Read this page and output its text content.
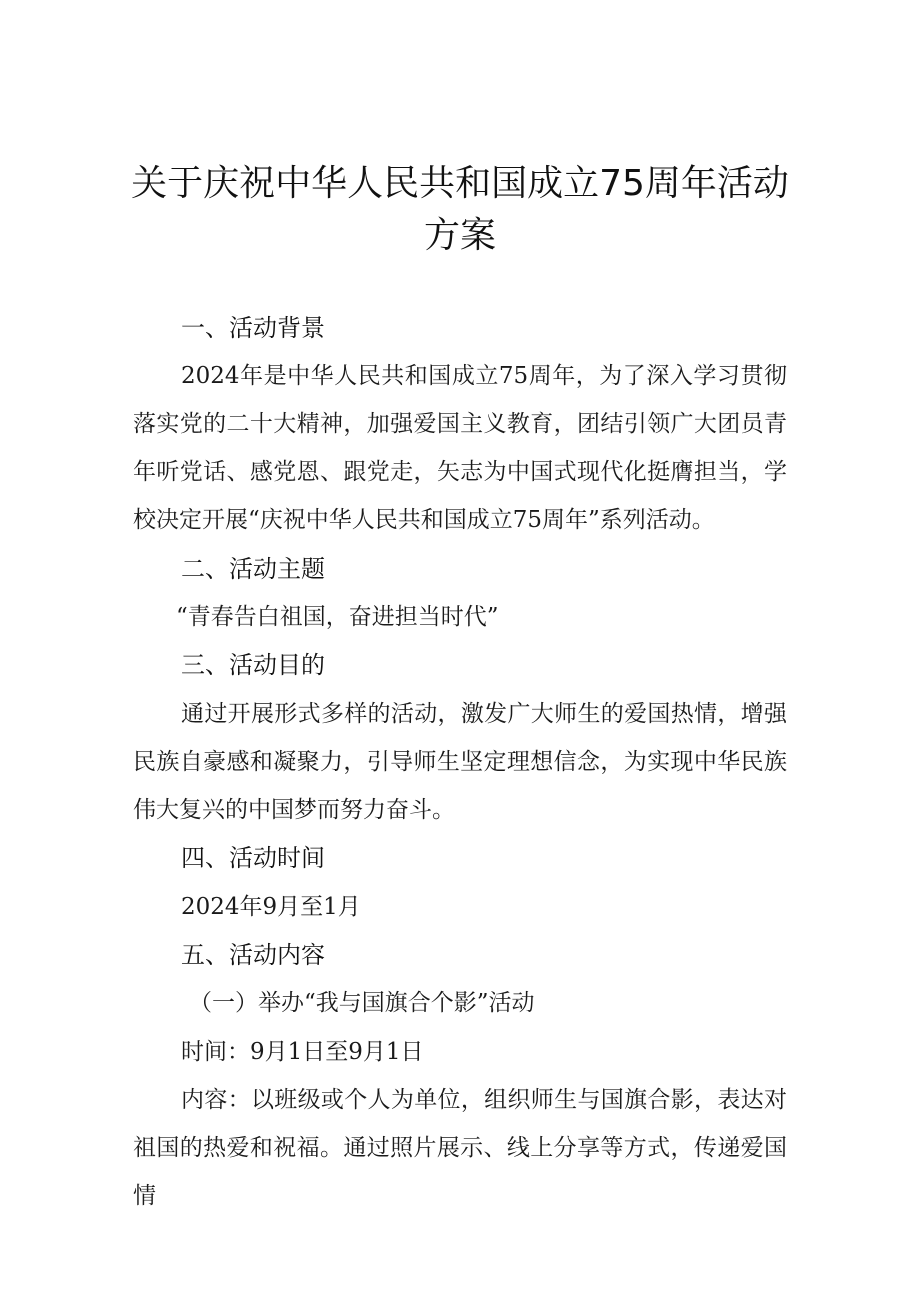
关于庆祝中华人民共和国成立75周年活动
方案
一、活动背景

2024年是中华人民共和国成立75周年，为了深入学习贯彻落实党的二十大精神，加强爱国主义教育，团结引领广大团员青年听党话、感党恩、跟党走，矢志为中国式现代化挺膺担当，学校决定开展“庆祝中华人民共和国成立75周年”系列活动。

二、活动主题
“青春告白祖国，奋进担当时代”
三、活动目的

通过开展形式多样的活动，激发广大师生的爱国热情，增强民族自豪感和凝聚力，引导师生坚定理想信念，为实现中华民族伟大复兴的中国梦而努力奋斗。

四、活动时间
2024年9月至1月
五、活动内容
（一）举办“我与国旗合个影”活动
时间：9月1日至9月1日

内容：以班级或个人为单位，组织师生与国旗合影，表达对祖国的热爱和祝福。通过照片展示、线上分享等方式，传递爱国情
